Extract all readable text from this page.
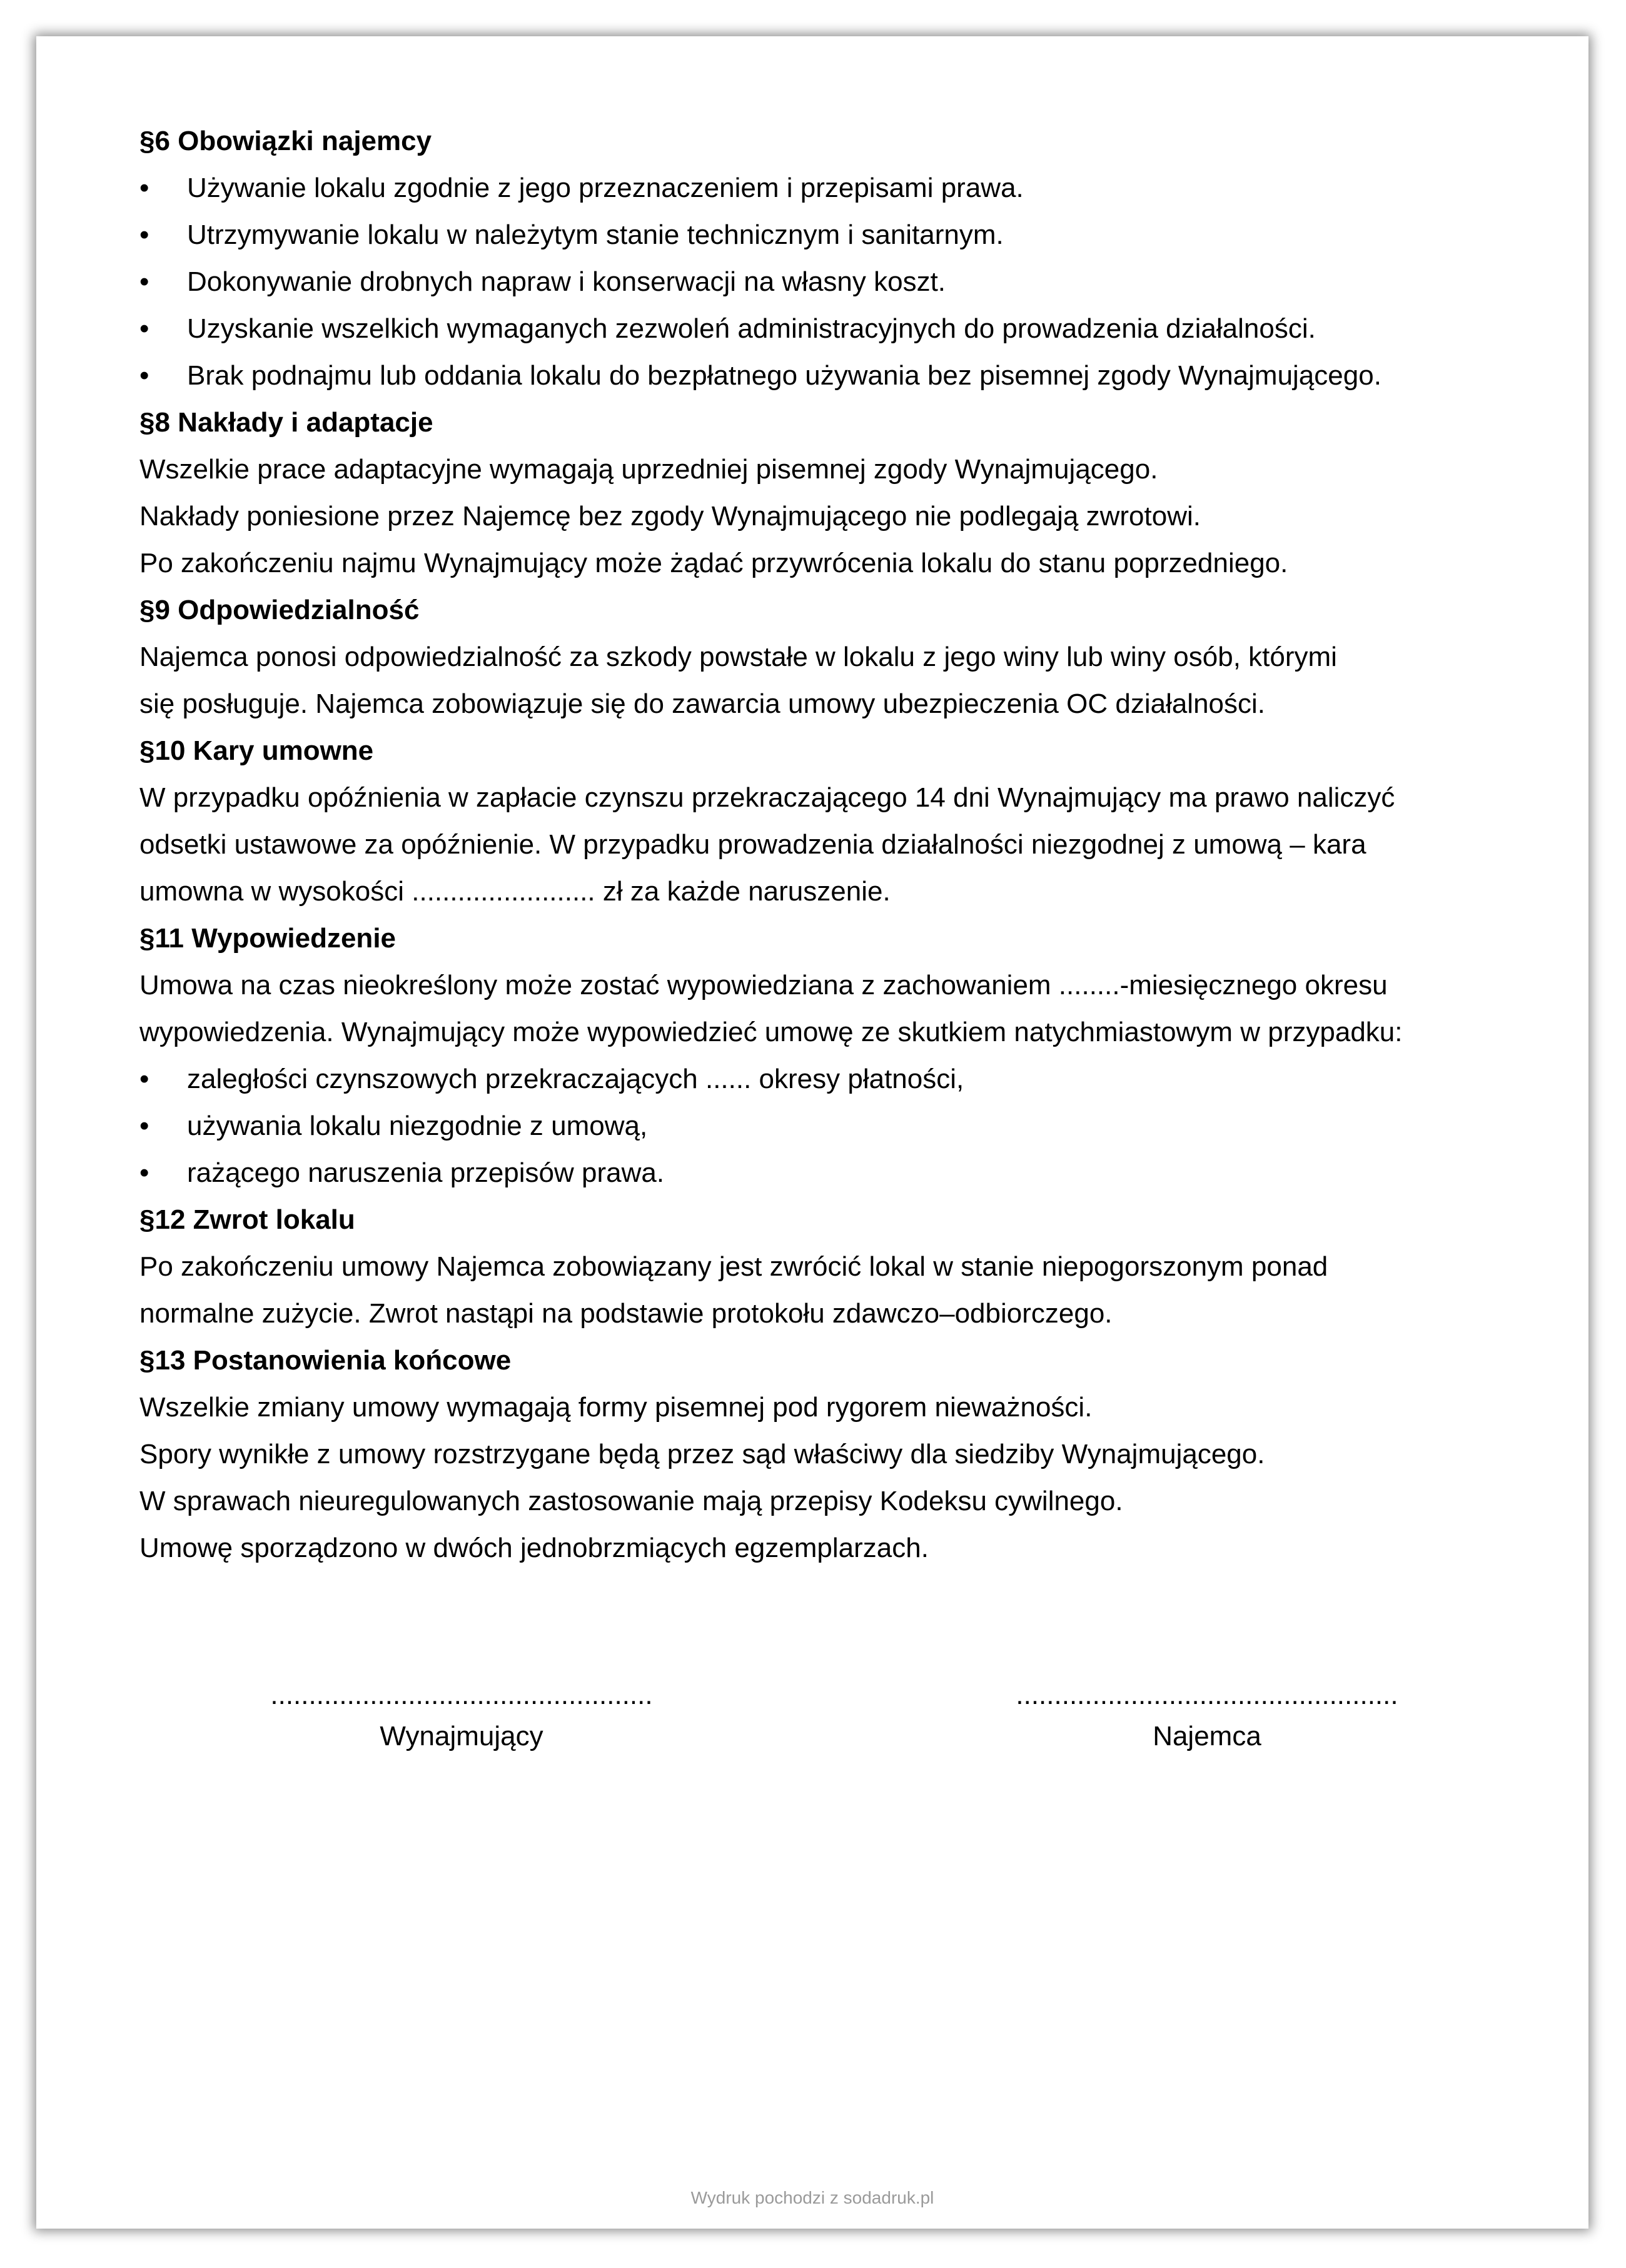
§6 Obowiązki najemcy
•	Używanie lokalu zgodnie z jego przeznaczeniem i przepisami prawa.
•	Utrzymywanie lokalu w należytym stanie technicznym i sanitarnym.
•	Dokonywanie drobnych napraw i konserwacji na własny koszt.
•	Uzyskanie wszelkich wymaganych zezwoleń administracyjnych do prowadzenia działalności.
•	Brak podnajmu lub oddania lokalu do bezpłatnego używania bez pisemnej zgody Wynajmującego.
§8 Nakłady i adaptacje
Wszelkie prace adaptacyjne wymagają uprzedniej pisemnej zgody Wynajmującego.
Nakłady poniesione przez Najemcę bez zgody Wynajmującego nie podlegają zwrotowi.
Po zakończeniu najmu Wynajmujący może żądać przywrócenia lokalu do stanu poprzedniego.
§9 Odpowiedzialność
Najemca ponosi odpowiedzialność za szkody powstałe w lokalu z jego winy lub winy osób, którymi
się posługuje. Najemca zobowiązuje się do zawarcia umowy ubezpieczenia OC działalności.
§10 Kary umowne
W przypadku opóźnienia w zapłacie czynszu przekraczającego 14 dni Wynajmujący ma prawo naliczyć
odsetki ustawowe za opóźnienie. W przypadku prowadzenia działalności niezgodnej z umową – kara
umowna w wysokości ........................ zł za każde naruszenie.
§11 Wypowiedzenie
Umowa na czas nieokreślony może zostać wypowiedziana z zachowaniem ........-miesięcznego okresu
wypowiedzenia. Wynajmujący może wypowiedzieć umowę ze skutkiem natychmiastowym w przypadku:
•	zaległości czynszowych przekraczających ...... okresy płatności,
•	używania lokalu niezgodnie z umową,
•	rażącego naruszenia przepisów prawa.
§12 Zwrot lokalu
Po zakończeniu umowy Najemca zobowiązany jest zwrócić lokal w stanie niepogorszonym ponad
normalne zużycie. Zwrot nastąpi na podstawie protokołu zdawczo–odbiorczego.
§13 Postanowienia końcowe
Wszelkie zmiany umowy wymagają formy pisemnej pod rygorem nieważności.
Spory wynikłe z umowy rozstrzygane będą przez sąd właściwy dla siedziby Wynajmującego.
W sprawach nieuregulowanych zastosowanie mają przepisy Kodeksu cywilnego.
Umowę sporządzono w dwóch jednobrzmiących egzemplarzach.
..................................................
Wynajmujący
..................................................
Najemca
Wydruk pochodzi z sodadruk.pl
